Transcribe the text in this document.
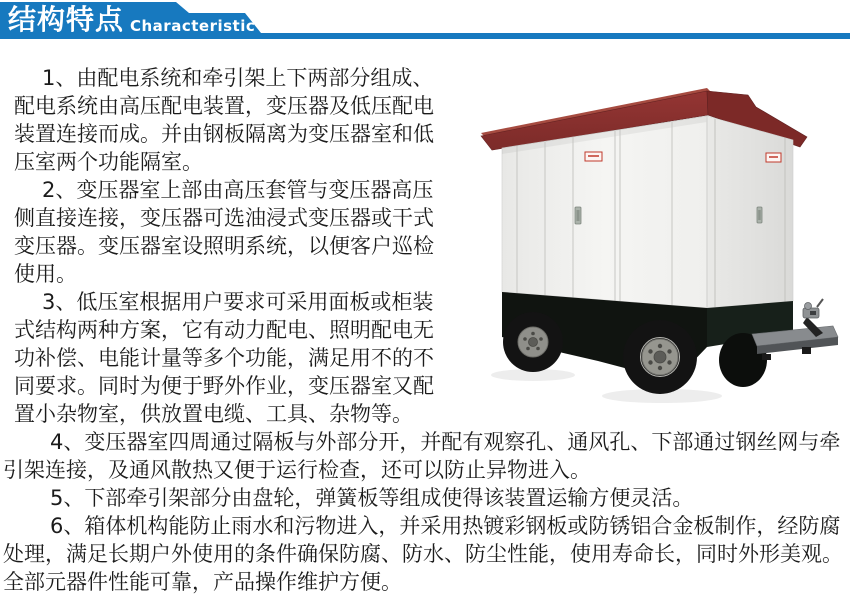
结构特点 Characteristic
1、由配电系统和牵引架上下两部分组成、
配电系统由高压配电装置，变压器及低压配电
装置连接而成。并由钢板隔离为变压器室和低
压室两个功能隔室。
2、变压器室上部由高压套管与变压器高压
侧直接连接，变压器可选油浸式变压器或干式
变压器。变压器室设照明系统，以便客户巡检
使用。
3、低压室根据用户要求可采用面板或柜装
式结构两种方案，它有动力配电、照明配电无
功补偿、电能计量等多个功能，满足用不的不
同要求。同时为便于野外作业，变压器室又配
置小杂物室，供放置电缆、工具、杂物等。
4、变压器室四周通过隔板与外部分开，并配有观察孔、通风孔、下部通过钢丝网与牵
引架连接，及通风散热又便于运行检查，还可以防止异物进入。
5、下部牵引架部分由盘轮，弹簧板等组成使得该装置运输方便灵活。
6、箱体机构能防止雨水和污物进入，并采用热镀彩钢板或防锈铝合金板制作，经防腐
处理，满足长期户外使用的条件确保防腐、防水、防尘性能，使用寿命长，同时外形美观。
全部元器件性能可靠，产品操作维护方便。
